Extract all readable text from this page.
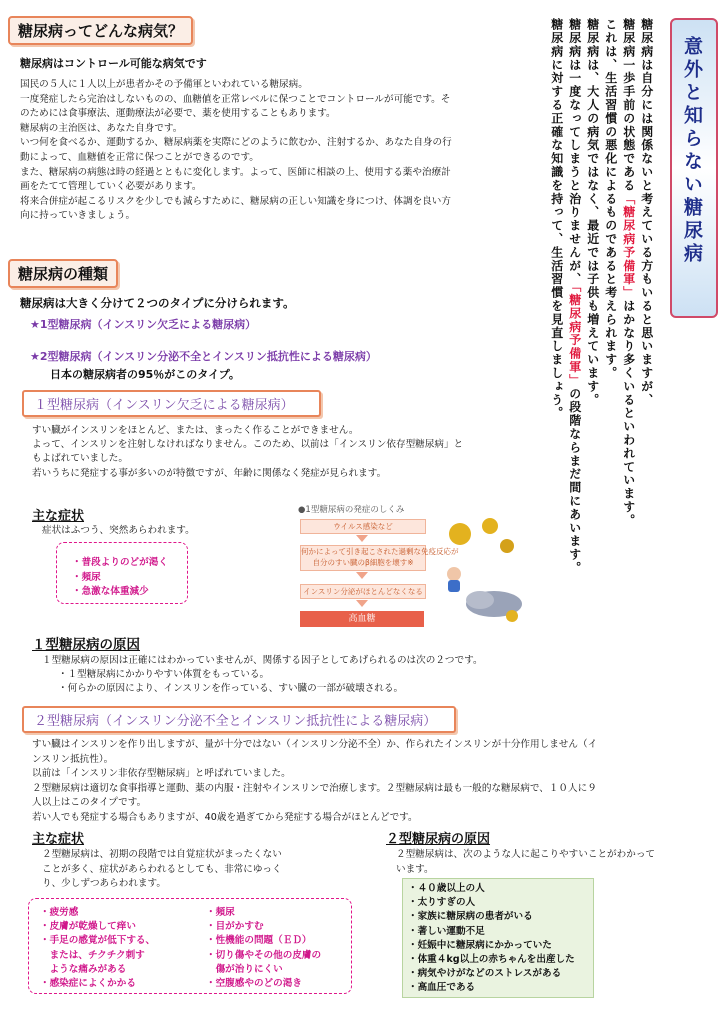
糖尿病ってどんな病気？
糖尿病はコントロール可能な病気です
国民の５人に１人以上が患者かその予備軍といわれている糖尿病。
一度発症したら完治はしないものの、血糖値を正常レベルに保つことでコントロールが可能です。そ
のためには食事療法、運動療法が必要で、薬を使用することもあります。
糖尿病の主治医は、あなた自身です。
いつ何を食べるか、運動するか、糖尿病薬を実際にどのように飲むか、注射するか、あなた自身の行
動によって、血糖値を正常に保つことができるのです。
また、糖尿病の病態は時の経過とともに変化します。よって、医師に相談の上、使用する薬や治療計
画をたてて管理していく必要があります。
将来合併症が起こるリスクを少しでも減らすために、糖尿病の正しい知識を身につけ、体調を良い方
向に持っていきましょう。
糖尿病の種類
糖尿病は大きく分けて２つのタイプに分けられます。
★1型糖尿病（インスリン欠乏による糖尿病）
★2型糖尿病（インスリン分泌不全とインスリン抵抗性による糖尿病）
日本の糖尿病者の95％がこのタイプ。
１型糖尿病（インスリン欠乏による糖尿病）
すい臓がインスリンをほとんど、または、まったく作ることができません。
よって、インスリンを注射しなければなりません。このため、以前は「インスリン依存型糖尿病」と
もよばれていました。
若いうちに発症する事が多いのが特徴ですが、年齢に関係なく発症が見られます。
主な症状
症状はふつう、突然あらわれます。
・普段よりのどが渇く
・頻尿
・急激な体重減少
●1型糖尿病の発症のしくみ
ウイルス感染など
何かによって引き起こされた過剰な免疫反応が
自分のすい臓のβ細胞を壊す※
インスリン分泌がほとんどなくなる
高血糖
１型糖尿病の原因
１型糖尿病の原因は正確にはわかっていませんが、関係する因子としてあげられるのは次の２つです。
・１型糖尿病にかかりやすい体質をもっている。
・何らかの原因により、インスリンを作っている、すい臓の一部が破壊される。
２型糖尿病（インスリン分泌不全とインスリン抵抗性による糖尿病）
すい臓はインスリンを作り出しますが、量が十分ではない（インスリン分泌不全）か、作られたインスリンが十分作用しません（イ
ンスリン抵抗性）。
以前は「インスリン非依存型糖尿病」と呼ばれていました。
２型糖尿病は適切な食事指導と運動、薬の内服・注射やインスリンで治療します。２型糖尿病は最も一般的な糖尿病で、１０人に９
人以上はこのタイプです。
若い人でも発症する場合もありますが、40歳を過ぎてから発症する場合がほとんどです。
主な症状
２型糖尿病は、初期の段階では自覚症状がまったくない
ことが多く、症状があらわれるとしても、非常にゆっく
り、少しずつあらわれます。
・疲労感
・皮膚が乾燥して痒い
・手足の感覚が低下する、
　または、チクチク刺す
　ような痛みがある
・感染症によくかかる
・頻尿
・目がかすむ
・性機能の問題（ＥＤ）
・切り傷やその他の皮膚の
　傷が治りにくい
・空腹感やのどの渇き
２型糖尿病の原因
２型糖尿病は、次のような人に起こりやすいことがわかって
います。
・４０歳以上の人
・太りすぎの人
・家族に糖尿病の患者がいる
・著しい運動不足
・妊娠中に糖尿病にかかっていた
・体重４kg以上の赤ちゃんを出産した
・病気やけがなどのストレスがある
・高血圧である
意外と知らない糖尿病
糖尿病は自分には関係ないと考えている方もいると思いますが、
糖尿病一歩手前の状態である「糖尿病予備軍」はかなり多くいるといわれています。
これは、生活習慣の悪化によるものであると考えられます。
糖尿病は、大人の病気ではなく、最近では子供も増えています。
糖尿病は一度なってしまうと治りませんが、「糖尿病予備軍」の段階ならまだ間にあいます。
糖尿病に対する正確な知識を持って、生活習慣を見直しましょう。
